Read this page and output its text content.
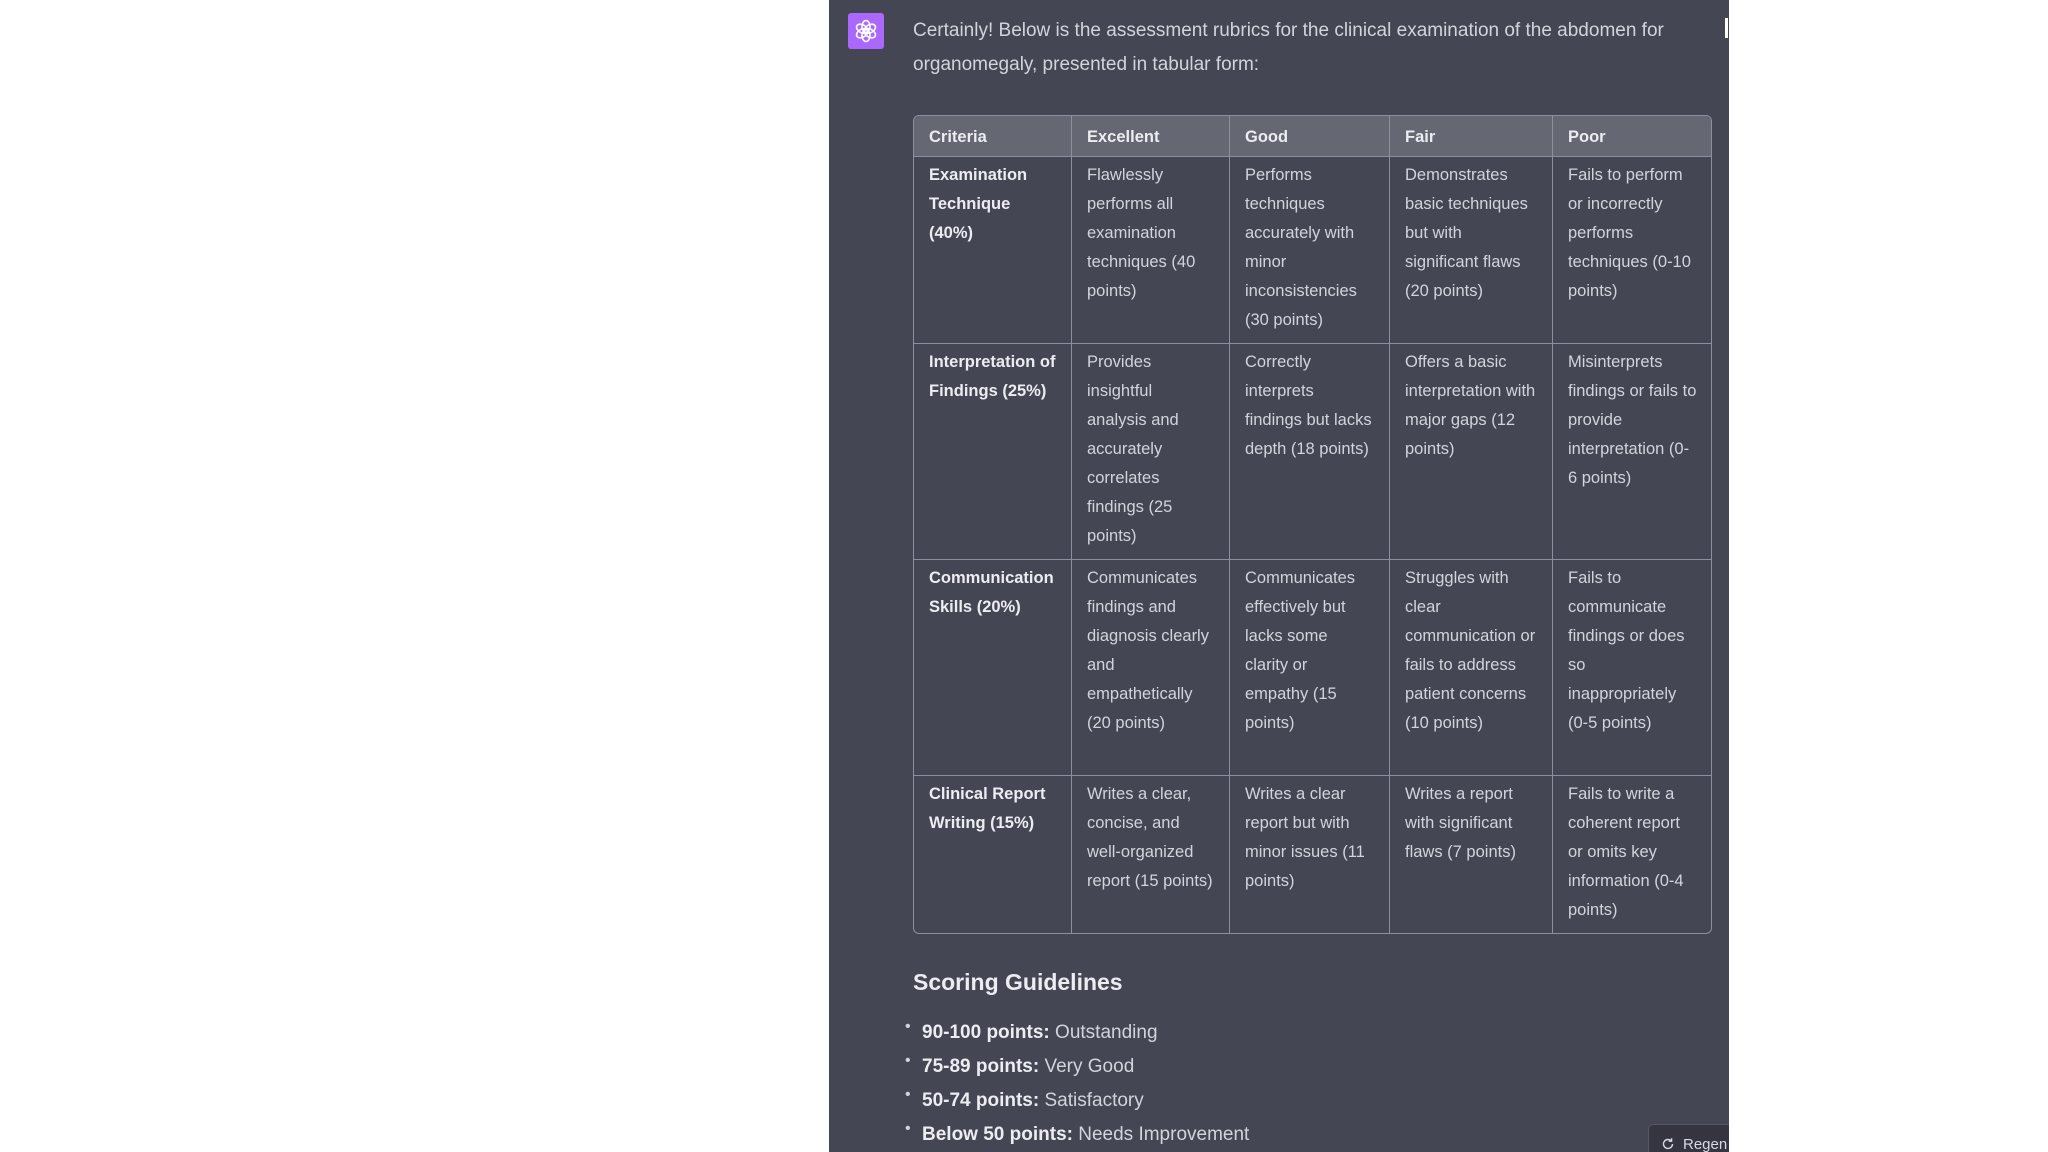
Certainly! Below is the assessment rubrics for the clinical examination of the abdomen for organomegaly, presented in tabular form:

Criteria	Excellent	Good	Fair	Poor
Examination Technique (40%)	Flawlessly performs all examination techniques (40 points)	Performs techniques accurately with minor inconsistencies (30 points)	Demonstrates basic techniques but with significant flaws (20 points)	Fails to perform or incorrectly performs techniques (0-10 points)
Interpretation of Findings (25%)	Provides insightful analysis and accurately correlates findings (25 points)	Correctly interprets findings but lacks depth (18 points)	Offers a basic interpretation with major gaps (12 points)	Misinterprets findings or fails to provide interpretation (0-6 points)
Communication Skills (20%)	Communicates findings and diagnosis clearly and empathetically (20 points)	Communicates effectively but lacks some clarity or empathy (15 points)	Struggles with clear communication or fails to address patient concerns (10 points)	Fails to communicate findings or does so inappropriately (0-5 points)
Clinical Report Writing (15%)	Writes a clear, concise, and well-organized report (15 points)	Writes a clear report but with minor issues (11 points)	Writes a report with significant flaws (7 points)	Fails to write a coherent report or omits key information (0-4 points)
Scoring Guidelines
• 90-100 points: Outstanding
• 75-89 points: Very Good
• 50-74 points: Satisfactory
• Below 50 points: Needs Improvement	Regen
